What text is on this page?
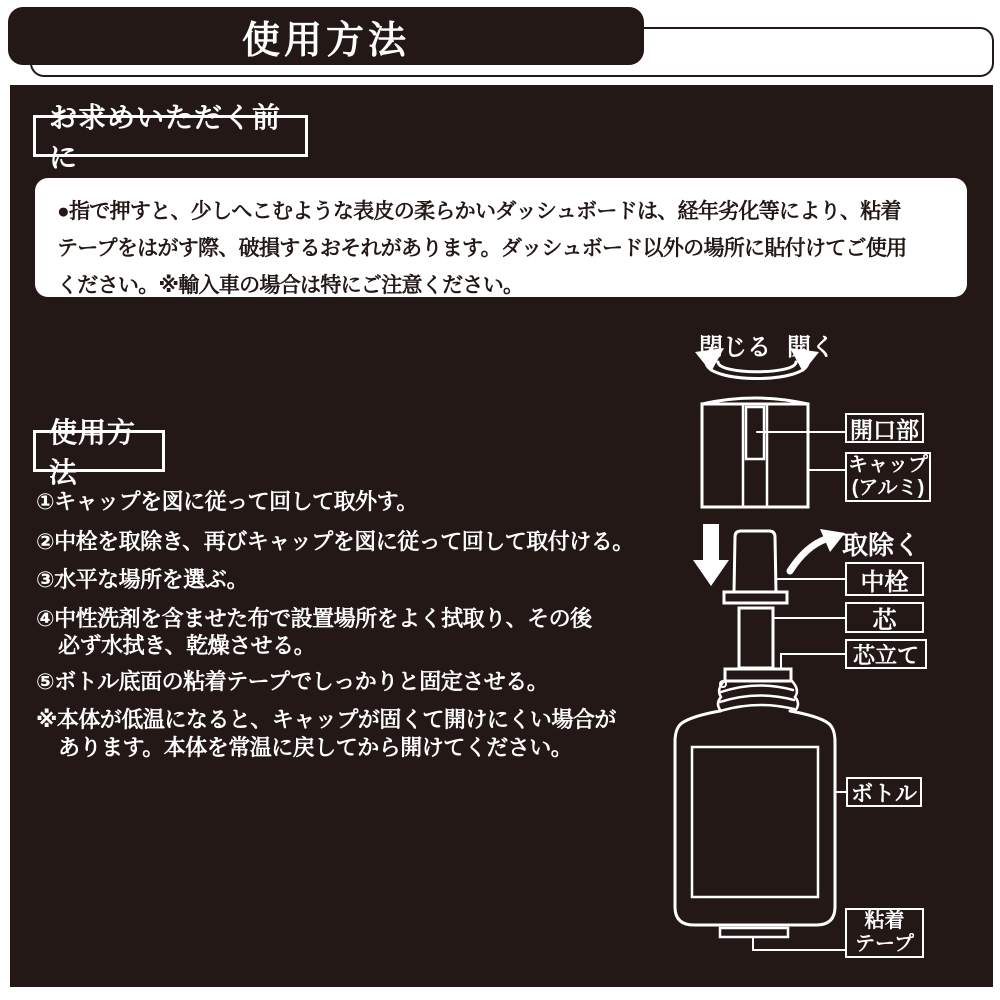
使用方法
お求めいただく前に
●指で押すと、少しへこむような表皮の柔らかいダッシュボードは、経年劣化等により、粘着
テープをはがす際、破損するおそれがあります。ダッシュボード以外の場所に貼付けてご使用
ください。※輸入車の場合は特にご注意ください。
使用方法
①キャップを図に従って回して取外す。
②中栓を取除き、再びキャップを図に従って回して取付ける。
③水平な場所を選ぶ。
④中性洗剤を含ませた布で設置場所をよく拭取り、その後
必ず水拭き、乾燥させる。
⑤ボトル底面の粘着テープでしっかりと固定させる。
※本体が低温になると、キャップが固くて開けにくい場合が
あります。本体を常温に戻してから開けてください。
閉じる 開く
取除く
開口部
キャップ
(アルミ)
中栓
芯
芯立て
ボトル
粘着
テープ
